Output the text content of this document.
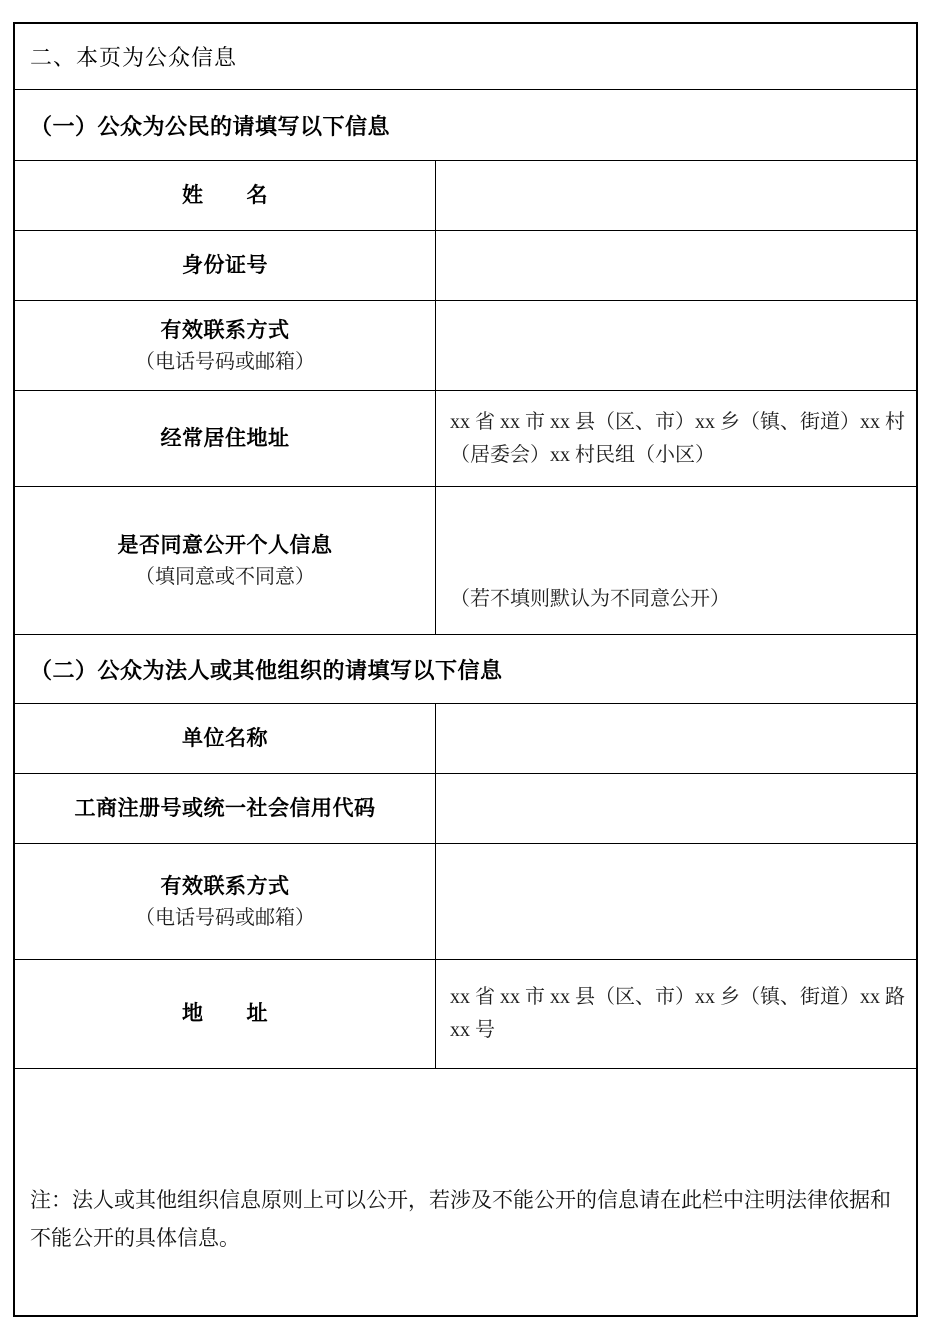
二、本页为公众信息
（一）公众为公民的请填写以下信息
姓　　名
身份证号
有效联系方式
（电话号码或邮箱）
经常居住地址
xx 省 xx 市 xx 县（区、市）xx 乡（镇、街道）xx 村（居委会）xx 村民组（小区）
是否同意公开个人信息
（填同意或不同意）
（若不填则默认为不同意公开）
（二）公众为法人或其他组织的请填写以下信息
单位名称
工商注册号或统一社会信用代码
有效联系方式
（电话号码或邮箱）
地　　址
xx 省 xx 市 xx 县（区、市）xx 乡（镇、街道）xx 路 xx 号
注：法人或其他组织信息原则上可以公开，若涉及不能公开的信息请在此栏中注明法律依据和不能公开的具体信息。
